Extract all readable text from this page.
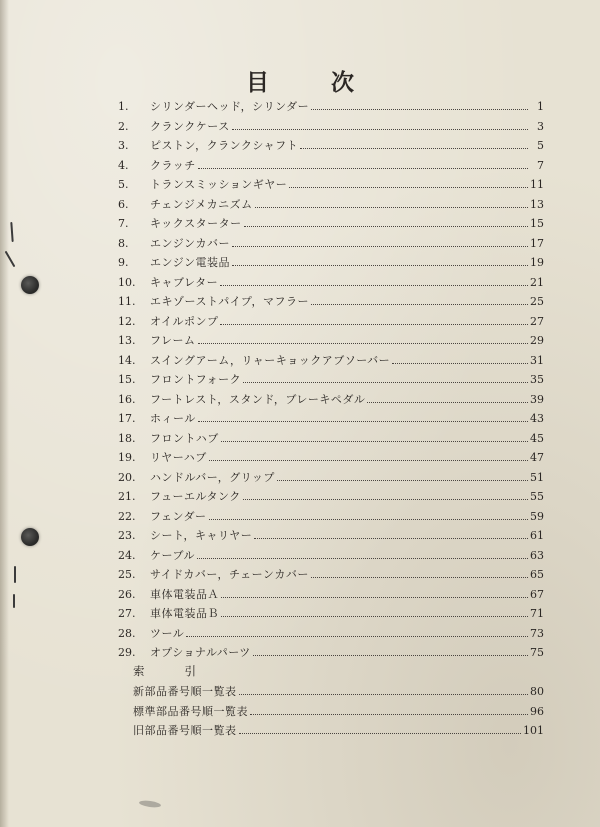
目	次
1.	シリンダーヘッド，シリンダー	1
2.	クランクケース	3
3.	ピストン，クランクシャフト	5
4.	クラッチ	7
5.	トランスミッションギヤー	11
6.	チェンジメカニズム	13
7.	キックスターター	15
8.	エンジンカバー	17
9.	エンジン電装品	19
10.	キャブレター	21
11.	エキゾーストパイプ，マフラー	25
12.	オイルポンプ	27
13.	フレーム	29
14.	スイングアーム，リャーキョックアブソーバー	31
15.	フロントフォーク	35
16.	フートレスト，スタンド，ブレーキペダル	39
17.	ホィール	43
18.	フロントハブ	45
19.	リヤーハブ	47
20.	ハンドルバー，グリップ	51
21.	フューエルタンク	55
22.	フェンダー	59
23.	シート，キャリヤー	61
24.	ケーブル	63
25.	サイドカバー，チェーンカバー	65
26.	車体電装品Ａ	67
27.	車体電装品Ｂ	71
28.	ツール	73
29.	オプショナルパーツ	75
索	引
新部品番号順一覧表	80
標準部品番号順一覧表	96
旧部品番号順一覧表	101
